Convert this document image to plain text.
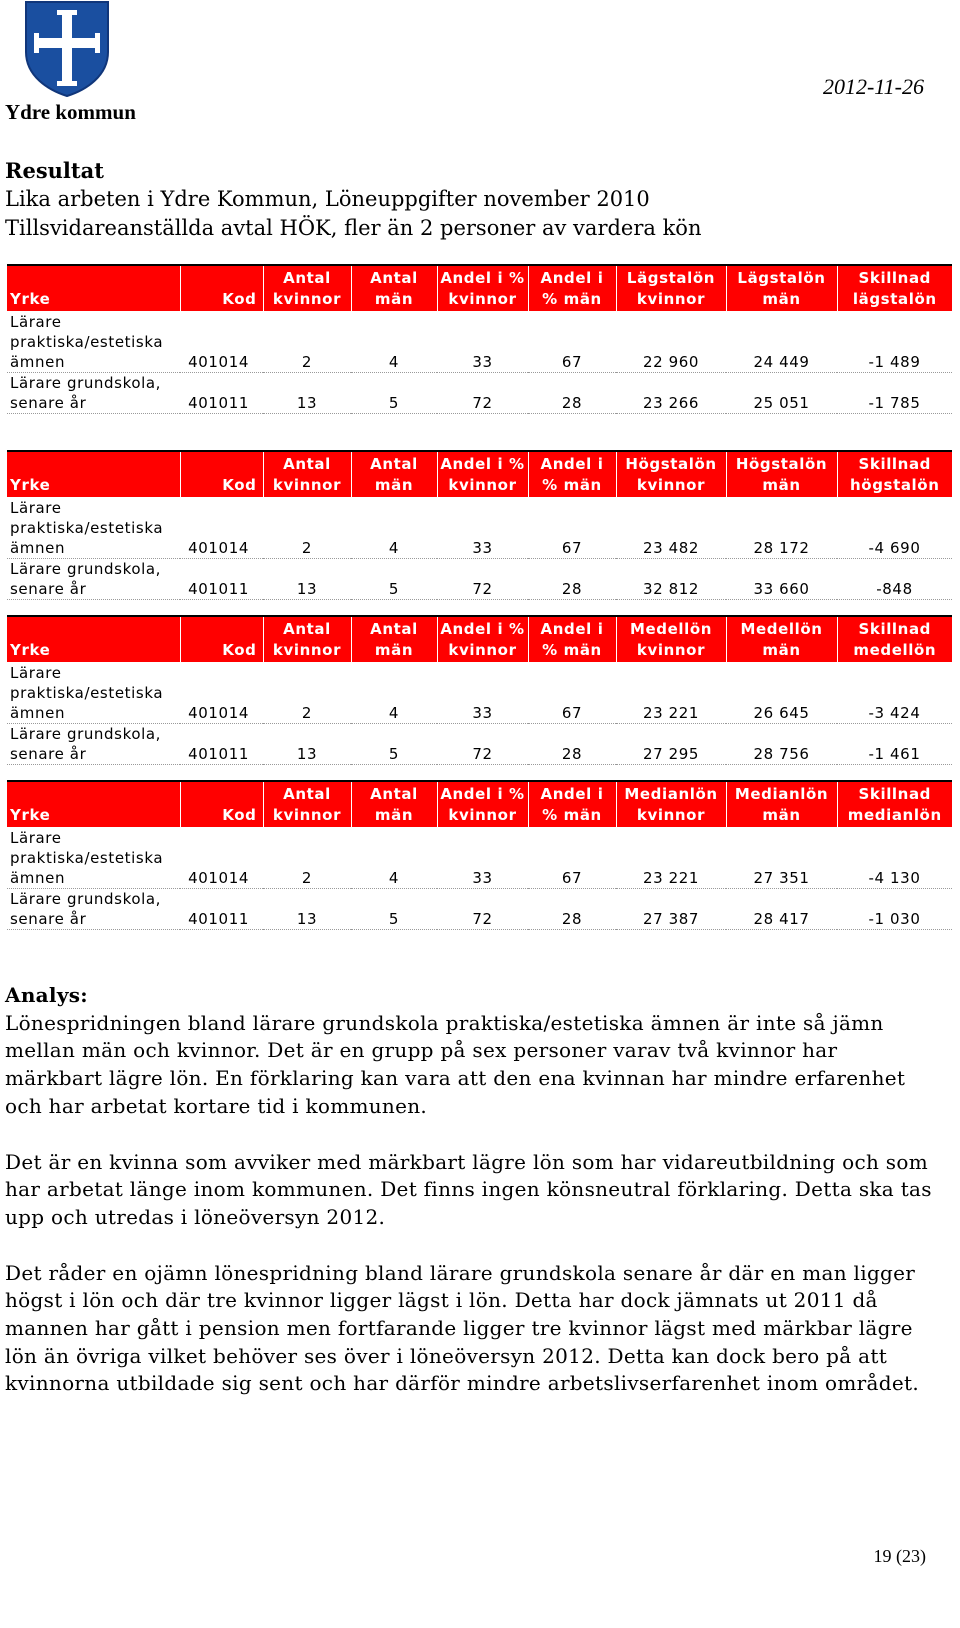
Ydre kommun
2012-11-26
Resultat
Lika arbeten i Ydre Kommun, Löneuppgifter november 2010
Tillsvidareanställda avtal HÖK, fler än 2 personer av vardera kön
Yrke	Kod	Antal kvinnor	Antal män	Andel i % kvinnor	Andel i % män	Lägstalön kvinnor	Lägstalön män	Skillnad lägstalön
Lärare praktiska/estetiska ämnen	401014	2	4	33	67	22 960	24 449	-1 489
Lärare grundskola, senare år	401011	13	5	72	28	23 266	25 051	-1 785
Yrke	Kod	Antal kvinnor	Antal män	Andel i % kvinnor	Andel i % män	Högstalön kvinnor	Högstalön män	Skillnad högstalön
Lärare praktiska/estetiska ämnen	401014	2	4	33	67	23 482	28 172	-4 690
Lärare grundskola, senare år	401011	13	5	72	28	32 812	33 660	-848
Yrke	Kod	Antal kvinnor	Antal män	Andel i % kvinnor	Andel i % män	Medellön kvinnor	Medellön män	Skillnad medellön
Lärare praktiska/estetiska ämnen	401014	2	4	33	67	23 221	26 645	-3 424
Lärare grundskola, senare år	401011	13	5	72	28	27 295	28 756	-1 461
Yrke	Kod	Antal kvinnor	Antal män	Andel i % kvinnor	Andel i % män	Medianlön kvinnor	Medianlön män	Skillnad medianlön
Lärare praktiska/estetiska ämnen	401014	2	4	33	67	23 221	27 351	-4 130
Lärare grundskola, senare år	401011	13	5	72	28	27 387	28 417	-1 030
Analys:

Lönespridningen bland lärare grundskola praktiska/estetiska ämnen är inte så jämn mellan män och kvinnor. Det är en grupp på sex personer varav två kvinnor har märkbart lägre lön. En förklaring kan vara att den ena kvinnan har mindre erfarenhet och har arbetat kortare tid i kommunen.

Det är en kvinna som avviker med märkbart lägre lön som har vidareutbildning och som har arbetat länge inom kommunen. Det finns ingen könsneutral förklaring. Detta ska tas upp och utredas i löneöversyn 2012.

Det råder en ojämn lönespridning bland lärare grundskola senare år där en man ligger högst i lön och där tre kvinnor ligger lägst i lön. Detta har dock jämnats ut 2011 då mannen har gått i pension men fortfarande ligger tre kvinnor lägst med märkbar lägre lön än övriga vilket behöver ses över i löneöversyn 2012. Detta kan dock bero på att kvinnorna utbildade sig sent och har därför mindre arbetslivserfarenhet inom området.

19 (23)
